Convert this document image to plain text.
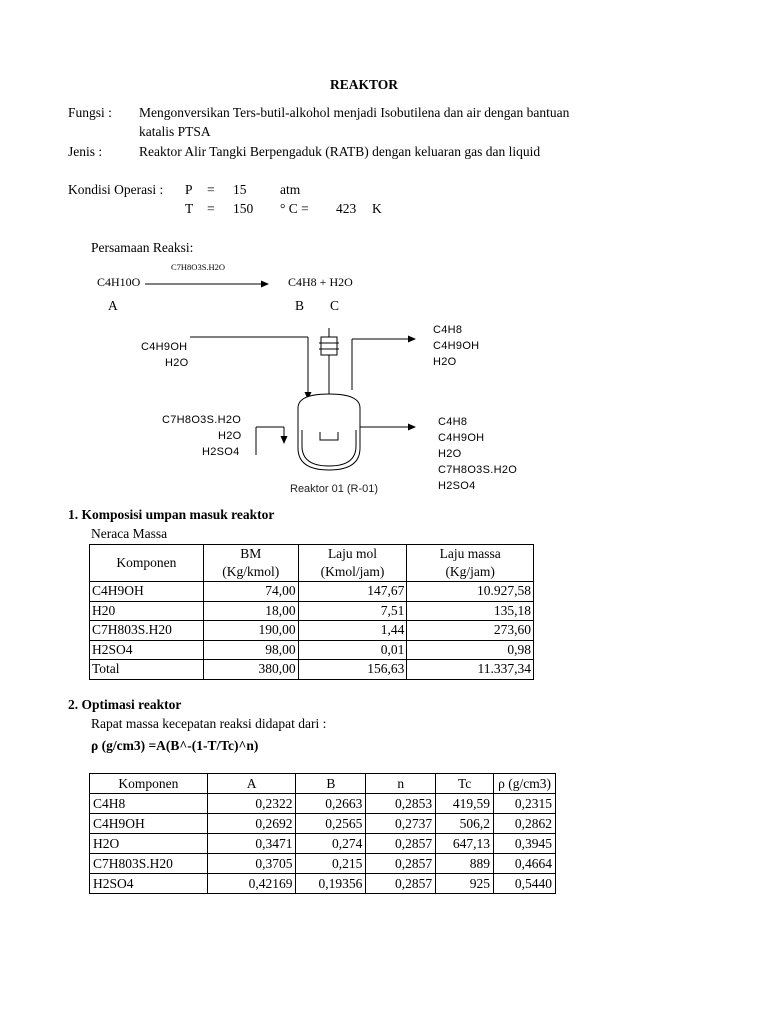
REAKTOR
Fungsi : Mengonversikan Ters-butil-alkohol menjadi Isobutilena dan air dengan bantuan
katalis PTSA
Jenis :	Reaktor Alir Tangki Berpengaduk (RATB) dengan keluaran gas dan liquid
Kondisi Operasi : P = 15 atm
T = 150 ° C = 423 K
Persamaan Reaksi:
C7H8O3S.H2O
C4H10O	C4H8 + H2O
A	B C
C4H9OH
H2O
C7H8O3S.H2O
H2O
H2SO4
C4H8
C4H9OH
H2O
C4H8
C4H9OH
H2O
C7H8O3S.H2O
H2SO4
Reaktor 01 (R-01)
1. Komposisi umpan masuk reaktor
Neraca Massa
Komponen	BM	Laju mol	Laju massa
	(Kg/kmol)	(Kmol/jam)	(Kg/jam)
C4H9OH	74,00	147,67	10.927,58
H20	18,00	7,51	135,18
C7H803S.H20	190,00	1,44	273,60
H2SO4	98,00	0,01	0,98
Total	380,00	156,63	11.337,34
2. Optimasi reaktor
Rapat massa kecepatan reaksi didapat dari :
ρ (g/cm3) =A(B^-(1-T/Tc)^n)
Komponen	A	B	n	Tc	ρ (g/cm3)
C4H8	0,2322	0,2663	0,2853	419,59	0,2315
C4H9OH	0,2692	0,2565	0,2737	506,2	0,2862
H2O	0,3471	0,274	0,2857	647,13	0,3945
C7H803S.H20	0,3705	0,215	0,2857	889	0,4664
H2SO4	0,42169	0,19356	0,2857	925	0,5440
